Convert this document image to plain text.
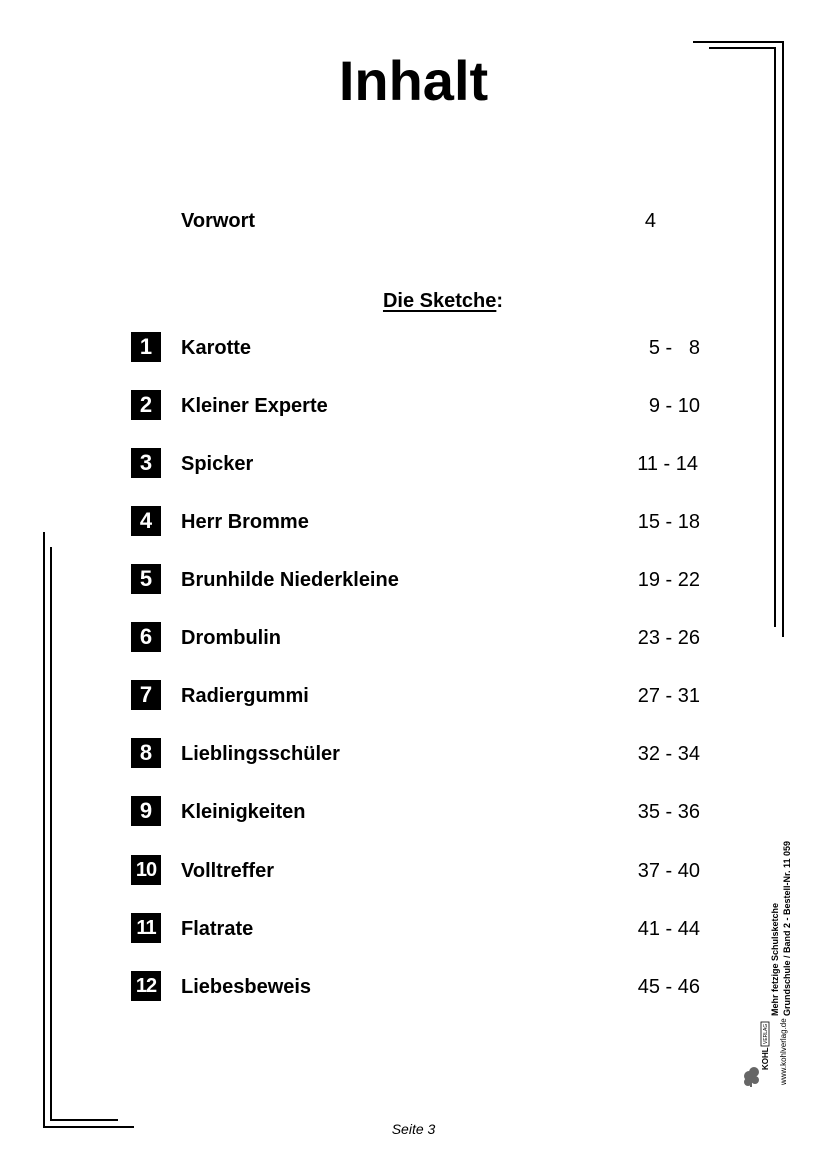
Inhalt
Vorwort	4
Die Sketche:
1	Karotte	5 -   8
2	Kleiner Experte	9 - 10
3	Spicker	11 - 14
4	Herr Bromme	15 - 18
5	Brunhilde Niederkleine	19 - 22
6	Drombulin	23 - 26
7	Radiergummi	27 - 31
8	Lieblingsschüler	32 - 34
9	Kleinigkeiten	35 - 36
10 Volltreffer	37 - 40
11 Flatrate	41 - 44
12 Liebesbeweis	45 - 46	Mehr fetzige Schulsketche Grundschule / Band 2 - Bestell-Nr. 11 059
www.kohlverlag.de
KOHL
VERLAG
Seite 3
